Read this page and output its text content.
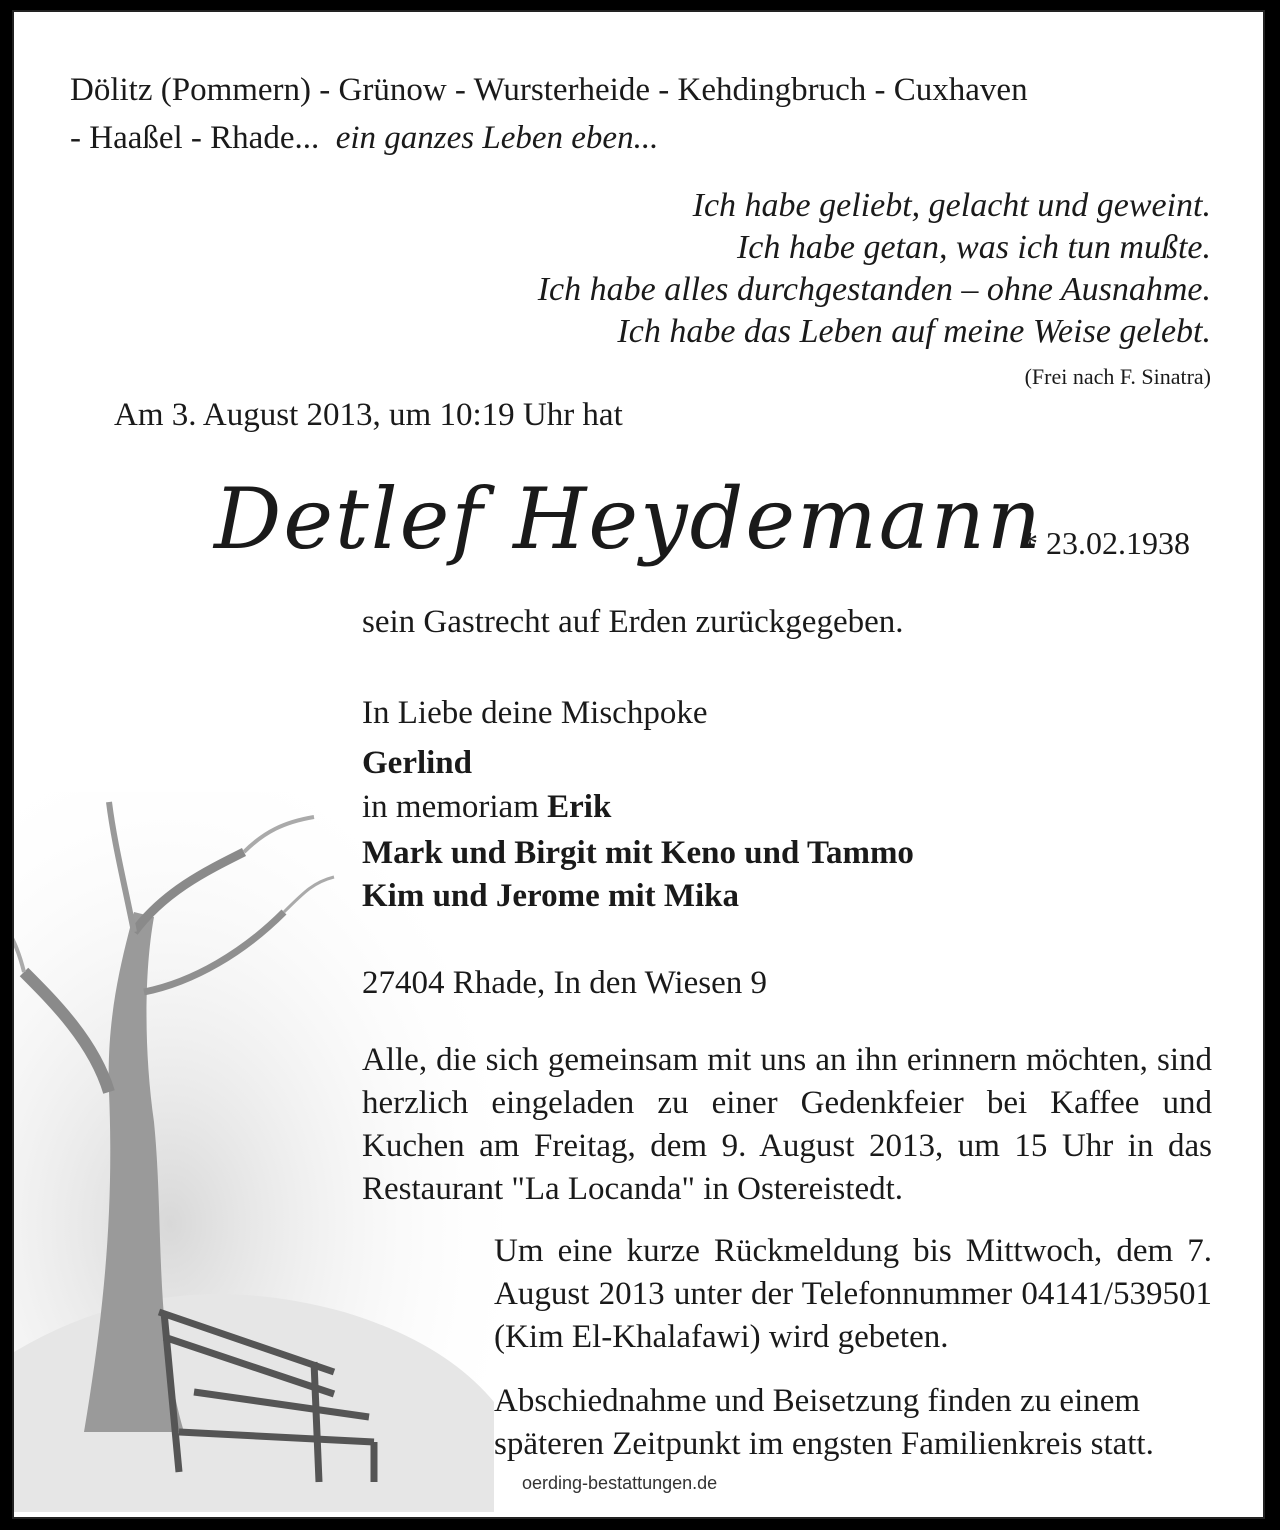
Dölitz (Pommern) - Grünow - Wursterheide - Kehdingbruch - Cuxhaven
- Haaßel - Rhade... ein ganzes Leben eben...

Ich habe geliebt, gelacht und geweint.
Ich habe getan, was ich tun mußte.
Ich habe alles durchgestanden – ohne Ausnahme.
Ich habe das Leben auf meine Weise gelebt.
(Frei nach F. Sinatra)
Am 3. August 2013, um 10:19 Uhr hat
Detlef Heydemann
* 23.02.1938
sein Gastrecht auf Erden zurückgegeben.
In Liebe deine Mischpoke
Gerlind
in memoriam Erik
Mark und Birgit mit Keno und Tammo
Kim und Jerome mit Mika
27404 Rhade, In den Wiesen 9

Alle, die sich gemeinsam mit uns an ihn erinnern möchten, sind herzlich eingeladen zu einer Gedenkfeier bei Kaffee und Kuchen am Freitag, dem 9. August 2013, um 15 Uhr in das Restaurant "La Locanda" in Ostereistedt.

Um eine kurze Rückmeldung bis Mittwoch, dem 7. August 2013 unter der Telefonnummer 04141/539501 (Kim El-Khalafawi) wird gebeten.

Abschiednahme und Beisetzung finden zu einem späteren Zeitpunkt im engsten Familienkreis statt.

oerding-bestattungen.de
